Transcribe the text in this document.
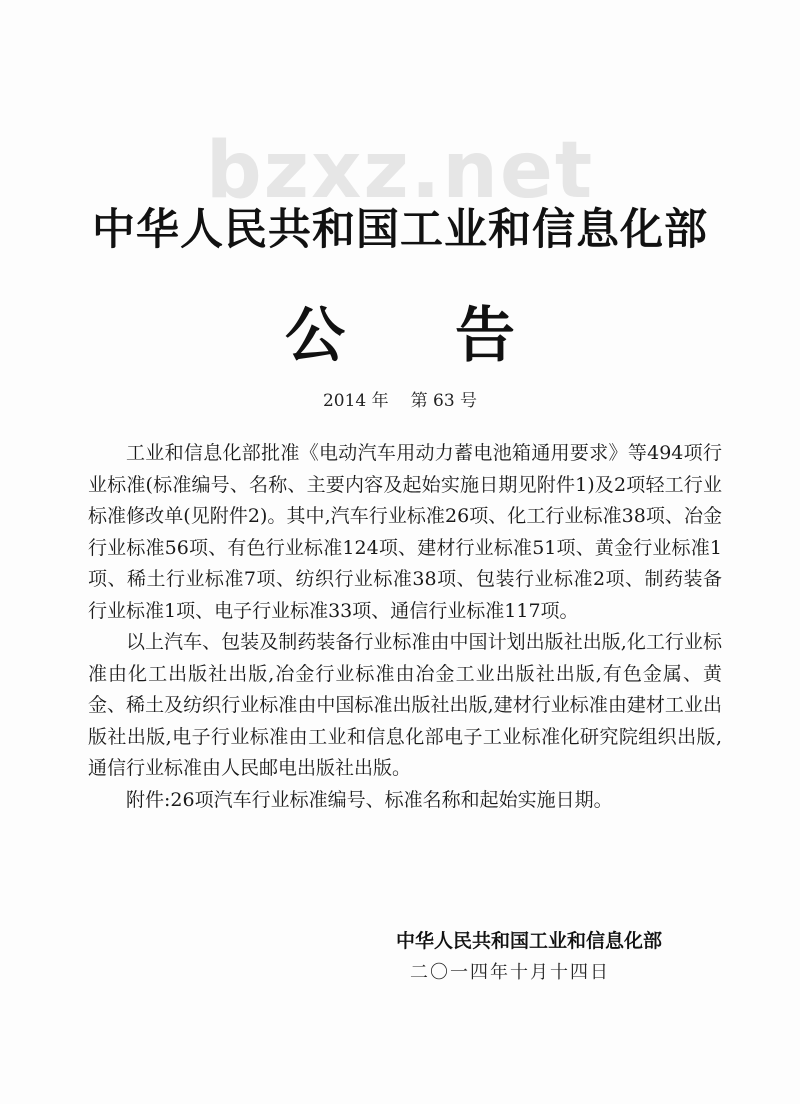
bzxz.net
中华人民共和国工业和信息化部
公告
2014 年 第 63 号

工业和信息化部批准《电动汽车用动力蓄电池箱通用要求》等494项行业标准(标准编号、名称、主要内容及起始实施日期见附件1)及2项轻工行业标准修改单(见附件2)。其中,汽车行业标准26项、化工行业标准38项、冶金行业标准56项、有色行业标准124项、建材行业标准51项、黄金行业标准1项、稀土行业标准7项、纺织行业标准38项、包装行业标准2项、制药装备行业标准1项、电子行业标准33项、通信行业标准117项。

以上汽车、包装及制药装备行业标准由中国计划出版社出版,化工行业标准由化工出版社出版,冶金行业标准由冶金工业出版社出版,有色金属、黄金、稀土及纺织行业标准由中国标准出版社出版,建材行业标准由建材工业出版社出版,电子行业标准由工业和信息化部电子工业标准化研究院组织出版,通信行业标准由人民邮电出版社出版。

附件:26项汽车行业标准编号、标准名称和起始实施日期。

中华人民共和国工业和信息化部
二〇一四年十月十四日
